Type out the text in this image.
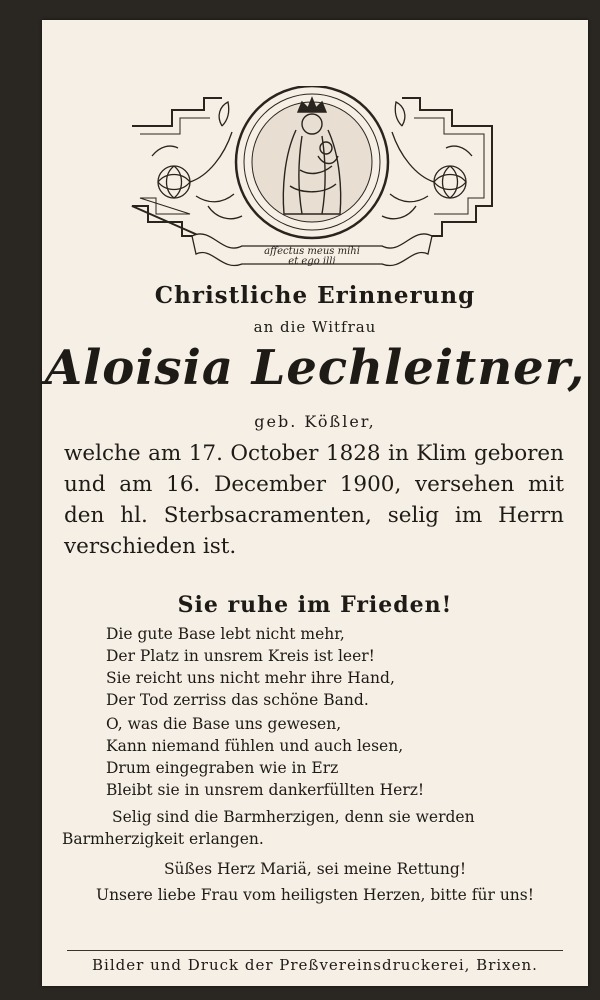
affectus meus mihi
et ego illi

Christliche Erinnerung

an die Witfrau

Aloisia Lechleitner,

geb. Kößler,

welche am 17. October 1828 in Klim geboren und am 16. December 1900, versehen mit den hl. Sterbsacramenten, selig im Herrn verschieden ist.

Sie ruhe im Frieden!

Die gute Base lebt nicht mehr,
Der Platz in unsrem Kreis ist leer!
Sie reicht uns nicht mehr ihre Hand,
Der Tod zerriss das schöne Band.
O, was die Base uns gewesen,
Kann niemand fühlen und auch lesen,
Drum eingegraben wie in Erz
Bleibt sie in unsrem dankerfüllten Herz!

Selig sind die Barmherzigen, denn sie werden Barmherzigkeit erlangen.

Süßes Herz Mariä, sei meine Rettung!

Unsere liebe Frau vom heiligsten Herzen, bitte für uns!

Bilder und Druck der Preßvereinsdruckerei, Brixen.
